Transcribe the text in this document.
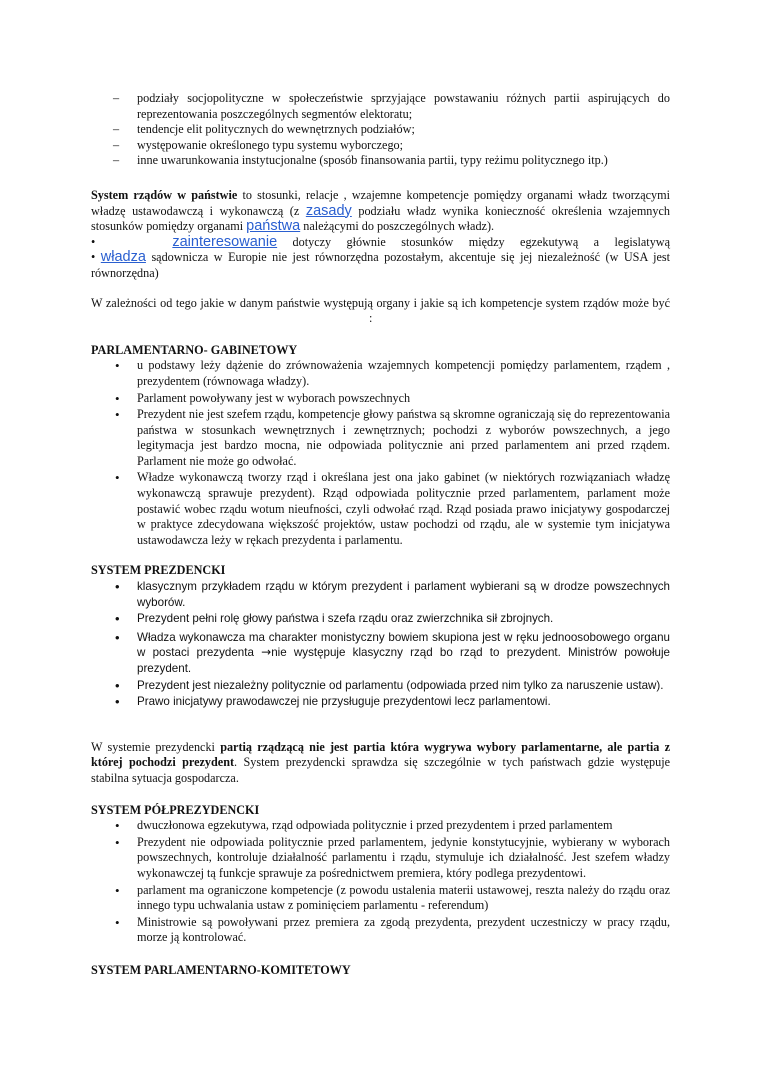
– podziały socjopolityczne w społeczeństwie sprzyjające powstawaniu różnych partii aspirujących do reprezentowania poszczególnych segmentów elektoratu;
– tendencje elit politycznych do wewnętrznych podziałów;
– występowanie określonego typu systemu wyborczego;
– inne uwarunkowania instytucjonalne (sposób finansowania partii, typy reżimu politycznego itp.)

System rządów w państwie to stosunki, relacje , wzajemne kompetencje pomiędzy organami władz tworzącymi władzę ustawodawczą i wykonawczą (z zasady podziału władz wynika konieczność określenia wzajemnych stosunków pomiędzy organami państwa należącymi do poszczególnych władz).

•	zainteresowanie dotyczy głównie stosunków między egzekutywą a legislatywą

• władza sądownicza w Europie nie jest równorzędna pozostałym, akcentuje się jej niezależność (w USA jest równorzędna)

W zależności od tego jakie w danym państwie występują organy i jakie są ich kompetencje system rządów może być:

PARLAMENTARNO- GABINETOWY

• u podstawy leży dążenie do zrównoważenia wzajemnych kompetencji pomiędzy parlamentem, rządem , prezydentem (równowaga władzy).
• Parlament powoływany jest w wyborach powszechnych
• Prezydent nie jest szefem rządu, kompetencje głowy państwa są skromne ograniczają się do reprezentowania państwa w stosunkach wewnętrznych i zewnętrznych; pochodzi z wyborów powszechnych, a jego legitymacja jest bardzo mocna, nie odpowiada politycznie ani przed parlamentem ani przed rządem. Parlament nie może go odwołać.
• Władze wykonawczą tworzy rząd i określana jest ona jako gabinet (w niektórych rozwiązaniach władzę wykonawczą sprawuje prezydent). Rząd odpowiada politycznie przed parlamentem, parlament może postawić wobec rządu wotum nieufności, czyli odwołać rząd. Rząd posiada prawo inicjatywy gospodarczej w praktyce zdecydowana większość projektów, ustaw pochodzi od rządu, ale w systemie tym inicjatywa ustawodawcza leży w rękach prezydenta i parlamentu.

SYSTEM PREZDENCKI

• klasycznym przykładem rządu w którym prezydent i parlament wybierani są w drodze powszechnych wyborów.
• Prezydent pełni rolę głowy państwa i szefa rządu oraz zwierzchnika sił zbrojnych.
• Władza wykonawcza ma charakter monistyczny bowiem skupiona jest w ręku jednoosobowego organu w postaci prezydenta →nie występuje klasyczny rząd bo rząd to prezydent. Ministrów powołuje prezydent.
• Prezydent jest niezależny politycznie od parlamentu (odpowiada przed nim tylko za naruszenie ustaw).
• Prawo inicjatywy prawodawczej nie przysługuje prezydentowi lecz parlamentowi.

W systemie prezydencki partią rządzącą nie jest partia która wygrywa wybory parlamentarne, ale partia z której pochodzi prezydent. System prezydencki sprawdza się szczególnie w tych państwach gdzie występuje stabilna sytuacja gospodarcza.

SYSTEM PÓŁPREZYDENCKI

• dwuczłonowa egzekutywa, rząd odpowiada politycznie i przed prezydentem i przed parlamentem
• Prezydent nie odpowiada politycznie przed parlamentem, jedynie konstytucyjnie, wybierany w wyborach powszechnych, kontroluje działalność parlamentu i rządu, stymuluje ich działalność. Jest szefem władzy wykonawczej tą funkcje sprawuje za pośrednictwem premiera, który podlega prezydentowi.
• parlament ma ograniczone kompetencje (z powodu ustalenia materii ustawowej, reszta należy do rządu oraz innego typu uchwalania ustaw z pominięciem parlamentu - referendum)
• Ministrowie są powoływani przez premiera za zgodą prezydenta, prezydent uczestniczy w pracy rządu, morze ją kontrolować.

SYSTEM PARLAMENTARNO-KOMITETOWY
